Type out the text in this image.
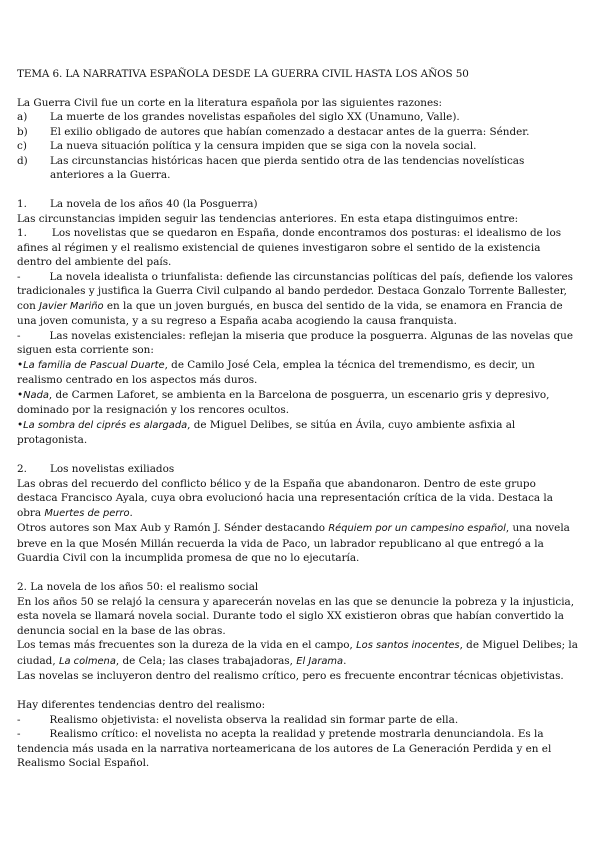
TEMA 6. LA NARRATIVA ESPAÑOLA DESDE LA GUERRA CIVIL HASTA LOS AÑOS 50

La Guerra Civil fue un corte en la literatura española por las siguientes razones:

a)	La muerte de los grandes novelistas españoles del siglo XX (Unamuno, Valle).
b)	El exilio obligado de autores que habían comenzado a destacar antes de la guerra: Sénder.
c)	La nueva situación política y la censura impiden que se siga con la novela social.
d)	Las circunstancias históricas hacen que pierda sentido otra de las tendencias novelísticas anteriores a la Guerra.
1.	La novela de los años 40 (la Posguerra)

Las circunstancias impiden seguir las tendencias anteriores. En esta etapa distinguimos entre:

1. Los novelistas que se quedaron en España, donde encontramos dos posturas: el idealismo de los afines al régimen y el realismo existencial de quienes investigaron sobre el sentido de la existencia dentro del ambiente del país.

-	La novela idealista o triunfalista: defiende las circunstancias políticas del país, defiende los valores tradicionales y justifica la Guerra Civil culpando al bando perdedor. Destaca Gonzalo Torrente Ballester, con Javier Mariño en la que un joven burgués, en busca del sentido de la vida, se enamora en Francia de una joven comunista, y a su regreso a España acaba acogiendo la causa franquista.

-	Las novelas existenciales: reflejan la miseria que produce la posguerra. Algunas de las novelas que siguen esta corriente son:

•La familia de Pascual Duarte, de Camilo José Cela, emplea la técnica del tremendismo, es decir, un realismo centrado en los aspectos más duros.

•Nada, de Carmen Laforet, se ambienta en la Barcelona de posguerra, un escenario gris y depresivo, dominado por la resignación y los rencores ocultos.

•La sombra del ciprés es alargada, de Miguel Delibes, se sitúa en Ávila, cuyo ambiente asfixia al protagonista.

2.	Los novelistas exiliados

Las obras del recuerdo del conflicto bélico y de la España que abandonaron. Dentro de este grupo destaca Francisco Ayala, cuya obra evolucionó hacia una representación crítica de la vida. Destaca la obra Muertes de perro.

Otros autores son Max Aub y Ramón J. Sénder destacando Réquiem por un campesino español, una novela breve en la que Mosén Millán recuerda la vida de Paco, un labrador republicano al que entregó a la Guardia Civil con la incumplida promesa de que no lo ejecutaría.

2. La novela de los años 50: el realismo social

En los años 50 se relajó la censura y aparecerán novelas en las que se denuncie la pobreza y la injusticia, esta novela se llamará novela social. Durante todo el siglo XX existieron obras que habían convertido la denuncia social en la base de las obras.

Los temas más frecuentes son la dureza de la vida en el campo, Los santos inocentes, de Miguel Delibes; la ciudad, La colmena, de Cela; las clases trabajadoras, El Jarama.

Las novelas se incluyeron dentro del realismo crítico, pero es frecuente encontrar técnicas objetivistas.

Hay diferentes tendencias dentro del realismo:

-	Realismo objetivista: el novelista observa la realidad sin formar parte de ella.

-	Realismo crítico: el novelista no acepta la realidad y pretende mostrarla denunciandola. Es la tendencia más usada en la narrativa norteamericana de los autores de La Generación Perdida y en el Realismo Social Español.
